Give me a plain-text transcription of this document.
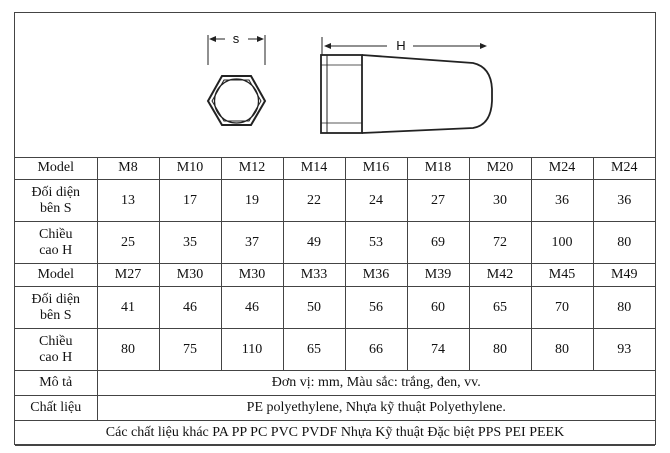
s	H
Model	M8	M10	M12	M14	M16	M18	M20	M24	M24
Đối diện
bên S	13	17	19	22	24	27	30	36	36
Chiều
cao H	25	35	37	49	53	69	72	100	80
Model	M27	M30	M30	M33	M36	M39	M42	M45	M49
Đối diện
bên S	41	46	46	50	56	60	65	70	80
Chiều
cao H	80	75	110	65	66	74	80	80	93
Mô tả	Đơn vị: mm, Màu sắc: trắng, đen, vv.								
Chất liệu	PE polyethylene, Nhựa kỹ thuật Polyethylene.								
Các chất liệu khác PA PP PC PVC PVDF Nhựa Kỹ thuật Đặc biệt PPS PEI PEEK									
